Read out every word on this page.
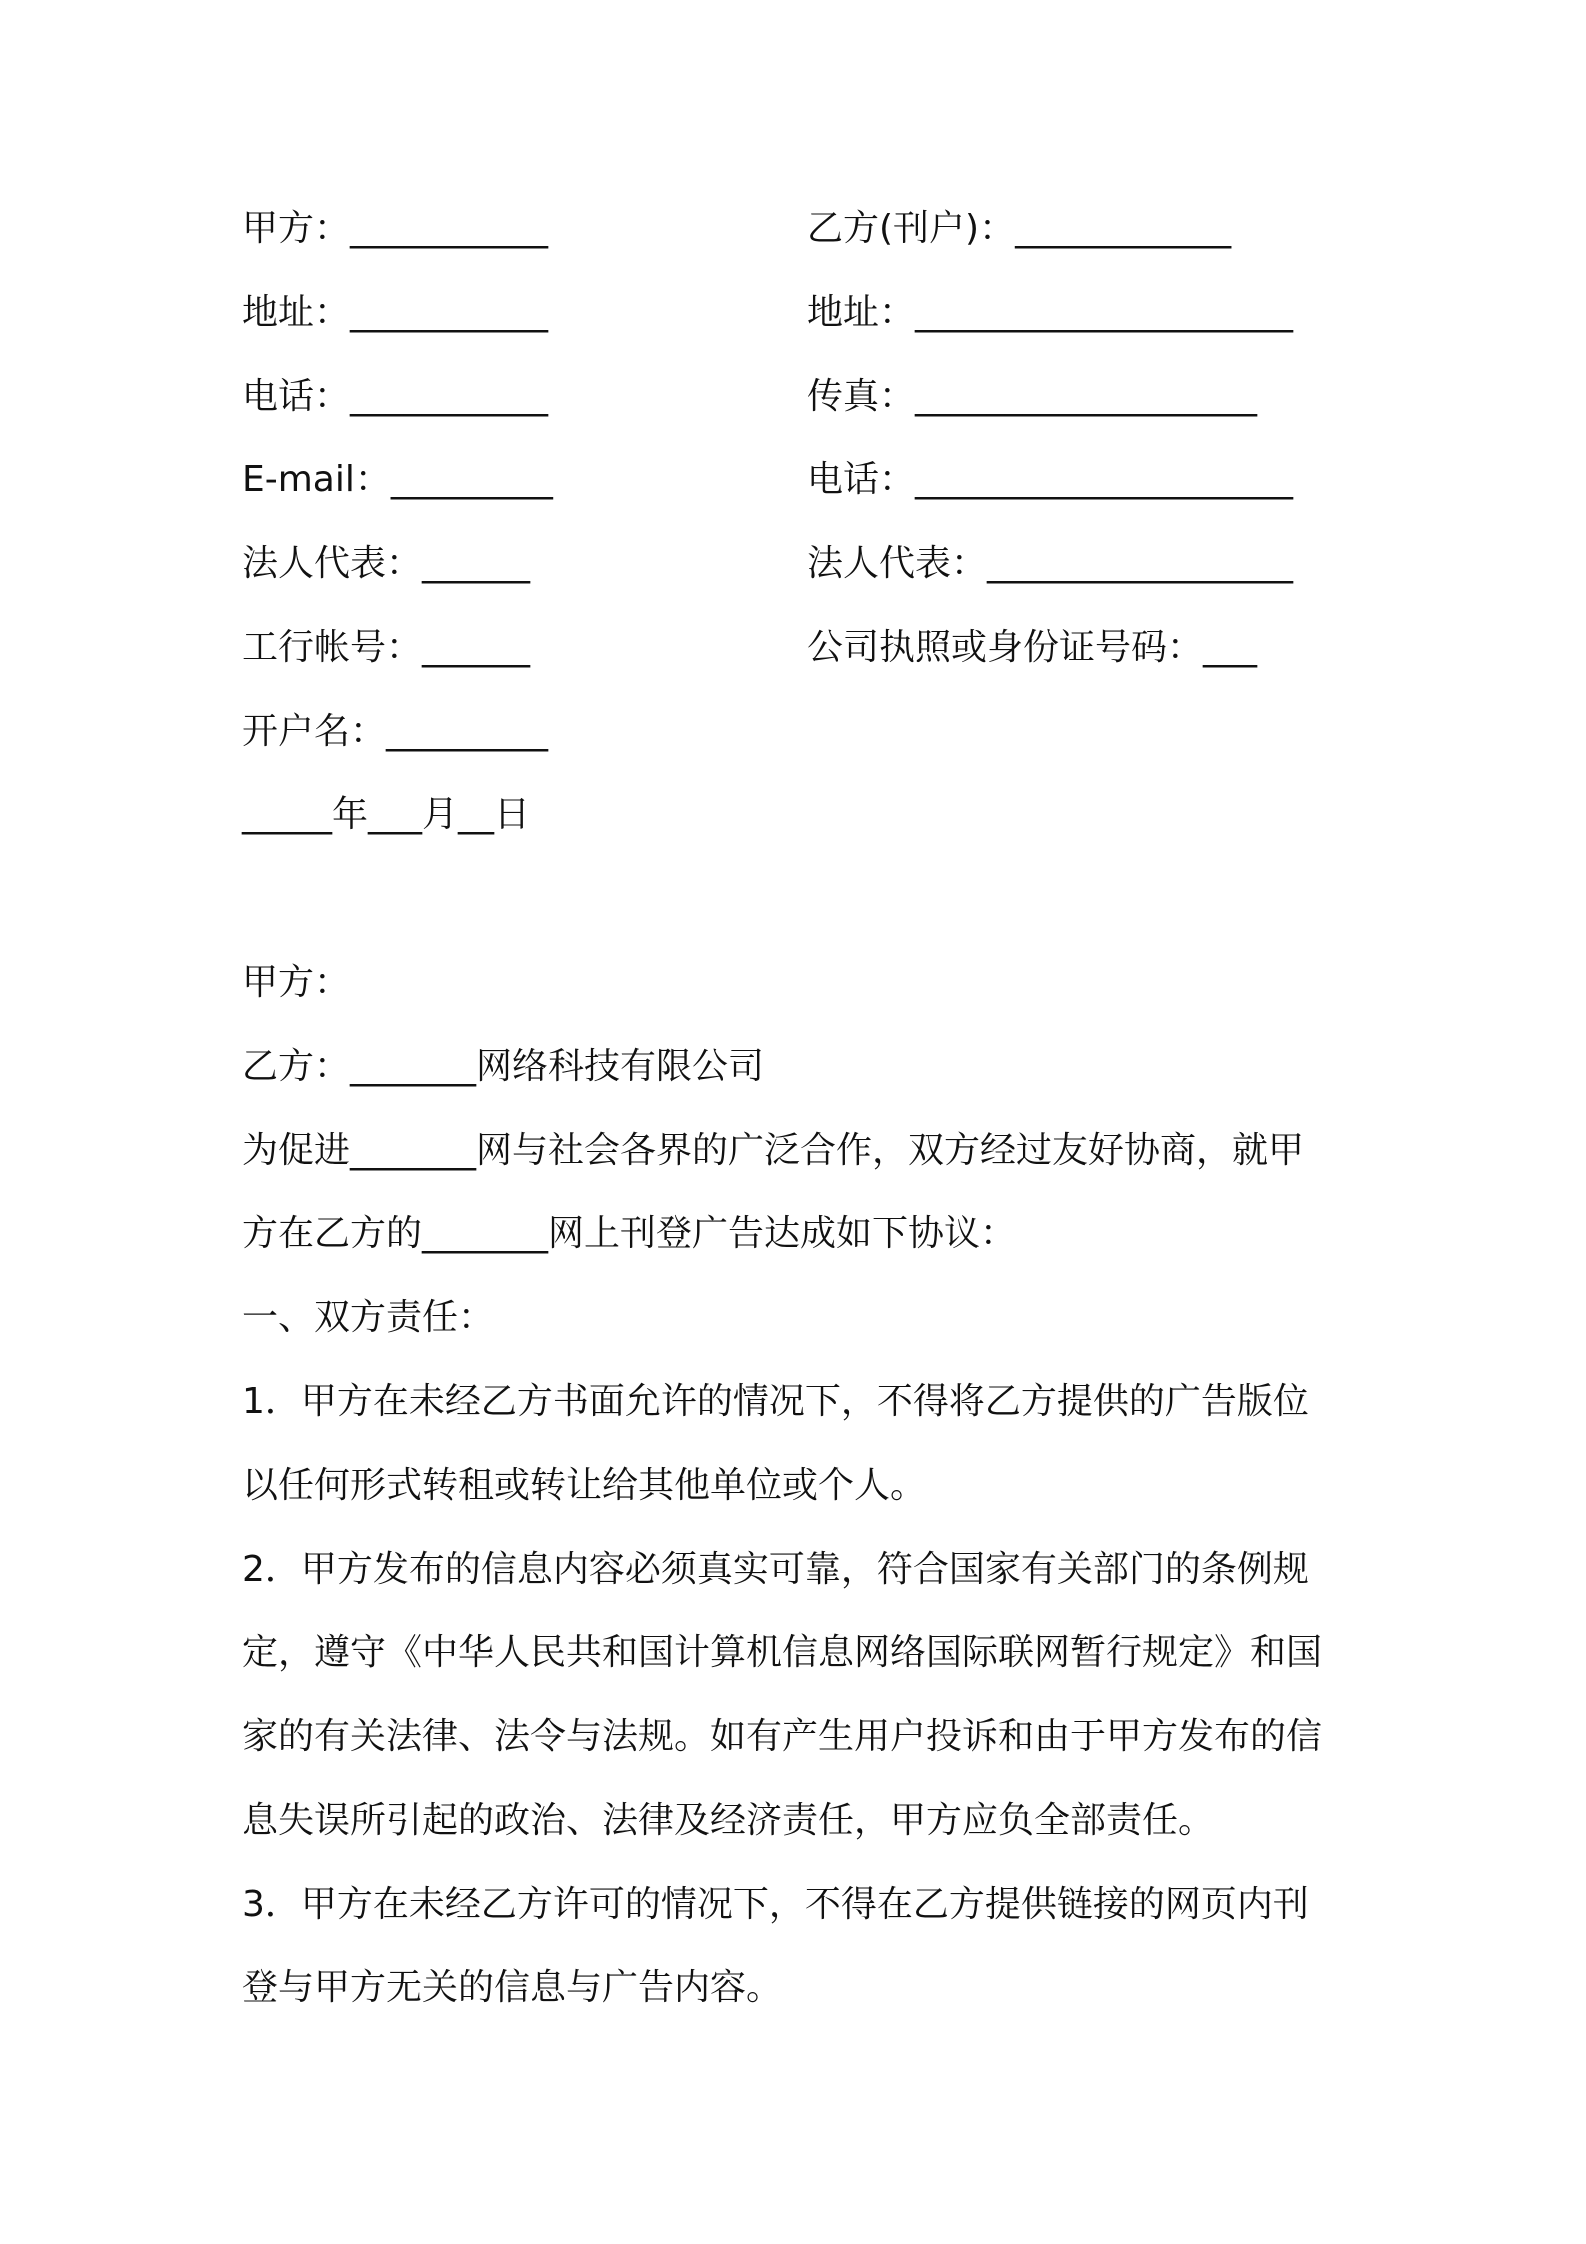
甲方：___________
地址：___________
电话：___________
E-mail：_________
法人代表：______
工行帐号：______
开户名：_________
_____年___月__日
乙方(刊户)：____________
地址：_____________________
传真：___________________
电话：_____________________
法人代表：_________________
公司执照或身份证号码：___
甲方：
乙方：_______网络科技有限公司
为促进_______网与社会各界的广泛合作，双方经过友好协商，就甲
方在乙方的_______网上刊登广告达成如下协议：
一、双方责任：
1．甲方在未经乙方书面允许的情况下，不得将乙方提供的广告版位
以任何形式转租或转让给其他单位或个人。
2．甲方发布的信息内容必须真实可靠，符合国家有关部门的条例规
定，遵守《中华人民共和国计算机信息网络国际联网暂行规定》和国
家的有关法律、法令与法规。如有产生用户投诉和由于甲方发布的信
息失误所引起的政治、法律及经济责任，甲方应负全部责任。
3．甲方在未经乙方许可的情况下，不得在乙方提供链接的网页内刊
登与甲方无关的信息与广告内容。
